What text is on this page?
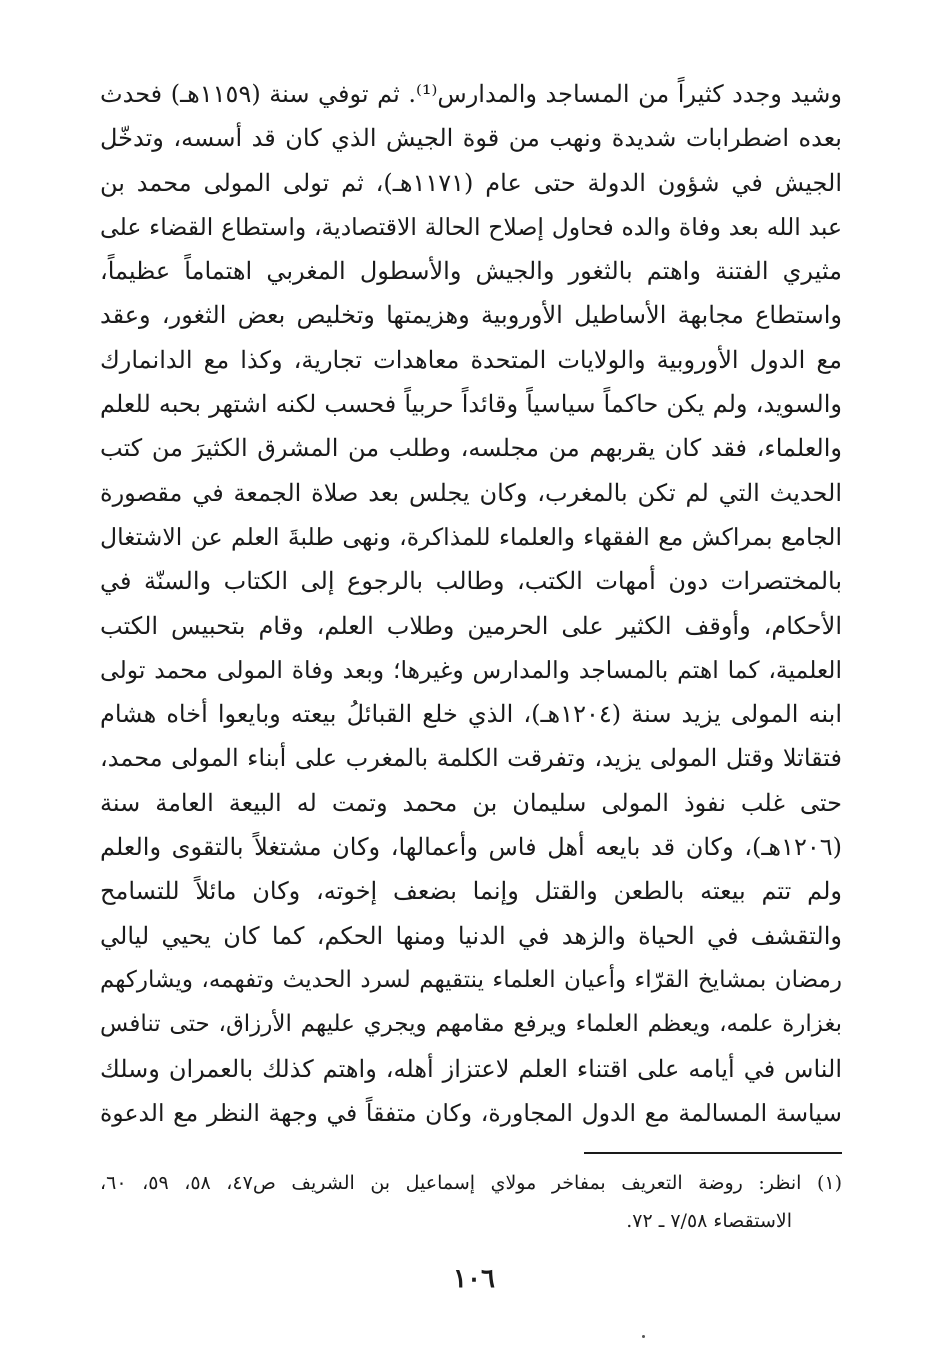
وشيد وجدد كثيراً من المساجد والمدارس⁽¹⁾. ثم توفي سنة (١١٥٩هـ) فحدث
بعده اضطرابات شديدة ونهب من قوة الجيش الذي كان قد أسسه، وتدخّل
الجيش في شؤون الدولة حتى عام (١١٧١هـ)، ثم تولى المولى محمد بن
عبد الله بعد وفاة والده فحاول إصلاح الحالة الاقتصادية، واستطاع القضاء على
مثيري الفتنة واهتم بالثغور والجيش والأسطول المغربي اهتماماً عظيماً،
واستطاع مجابهة الأساطيل الأوروبية وهزيمتها وتخليص بعض الثغور، وعقد
مع الدول الأوروبية والولايات المتحدة معاهدات تجارية، وكذا مع الدانمارك
والسويد، ولم يكن حاكماً سياسياً وقائداً حربياً فحسب لكنه اشتهر بحبه للعلم
والعلماء، فقد كان يقربهم من مجلسه، وطلب من المشرق الكثيرَ من كتب
الحديث التي لم تكن بالمغرب، وكان يجلس بعد صلاة الجمعة في مقصورة
الجامع بمراكش مع الفقهاء والعلماء للمذاكرة، ونهى طلبةَ العلم عن الاشتغال
بالمختصرات دون أمهات الكتب، وطالب بالرجوع إلى الكتاب والسنّة في
الأحكام، وأوقف الكثير على الحرمين وطلاب العلم، وقام بتحبيس الكتب
العلمية، كما اهتم بالمساجد والمدارس وغيرها؛ وبعد وفاة المولى محمد تولى
ابنه المولى يزيد سنة (١٢٠٤هـ)، الذي خلع القبائلُ بيعته وبايعوا أخاه هشام
فتقاتلا وقتل المولى يزيد، وتفرقت الكلمة بالمغرب على أبناء المولى محمد،
حتى غلب نفوذ المولى سليمان بن محمد وتمت له البيعة العامة سنة
(١٢٠٦هـ)، وكان قد بايعه أهل فاس وأعمالها، وكان مشتغلاً بالتقوى والعلم
ولم تتم بيعته بالطعن والقتل وإنما بضعف إخوته، وكان مائلاً للتسامح
والتقشف في الحياة والزهد في الدنيا ومنها الحكم، كما كان يحيي ليالي
رمضان بمشايخ القرّاء وأعيان العلماء ينتقيهم لسرد الحديث وتفهمه، ويشاركهم
بغزارة علمه، ويعظم العلماء ويرفع مقامهم ويجري عليهم الأرزاق، حتى تنافس
الناس في أيامه على اقتناء العلم لاعتزاز أهله، واهتم كذلك بالعمران وسلك
سياسة المسالمة مع الدول المجاورة، وكان متفقاً في وجهة النظر مع الدعوة
(١) انظر: روضة التعريف بمفاخر مولاي إسماعيل بن الشريف ص٤٧، ٥٨، ٥٩، ٦٠،
الاستقصاء ٧/٥٨ ـ ٧٢.
١٠٦
